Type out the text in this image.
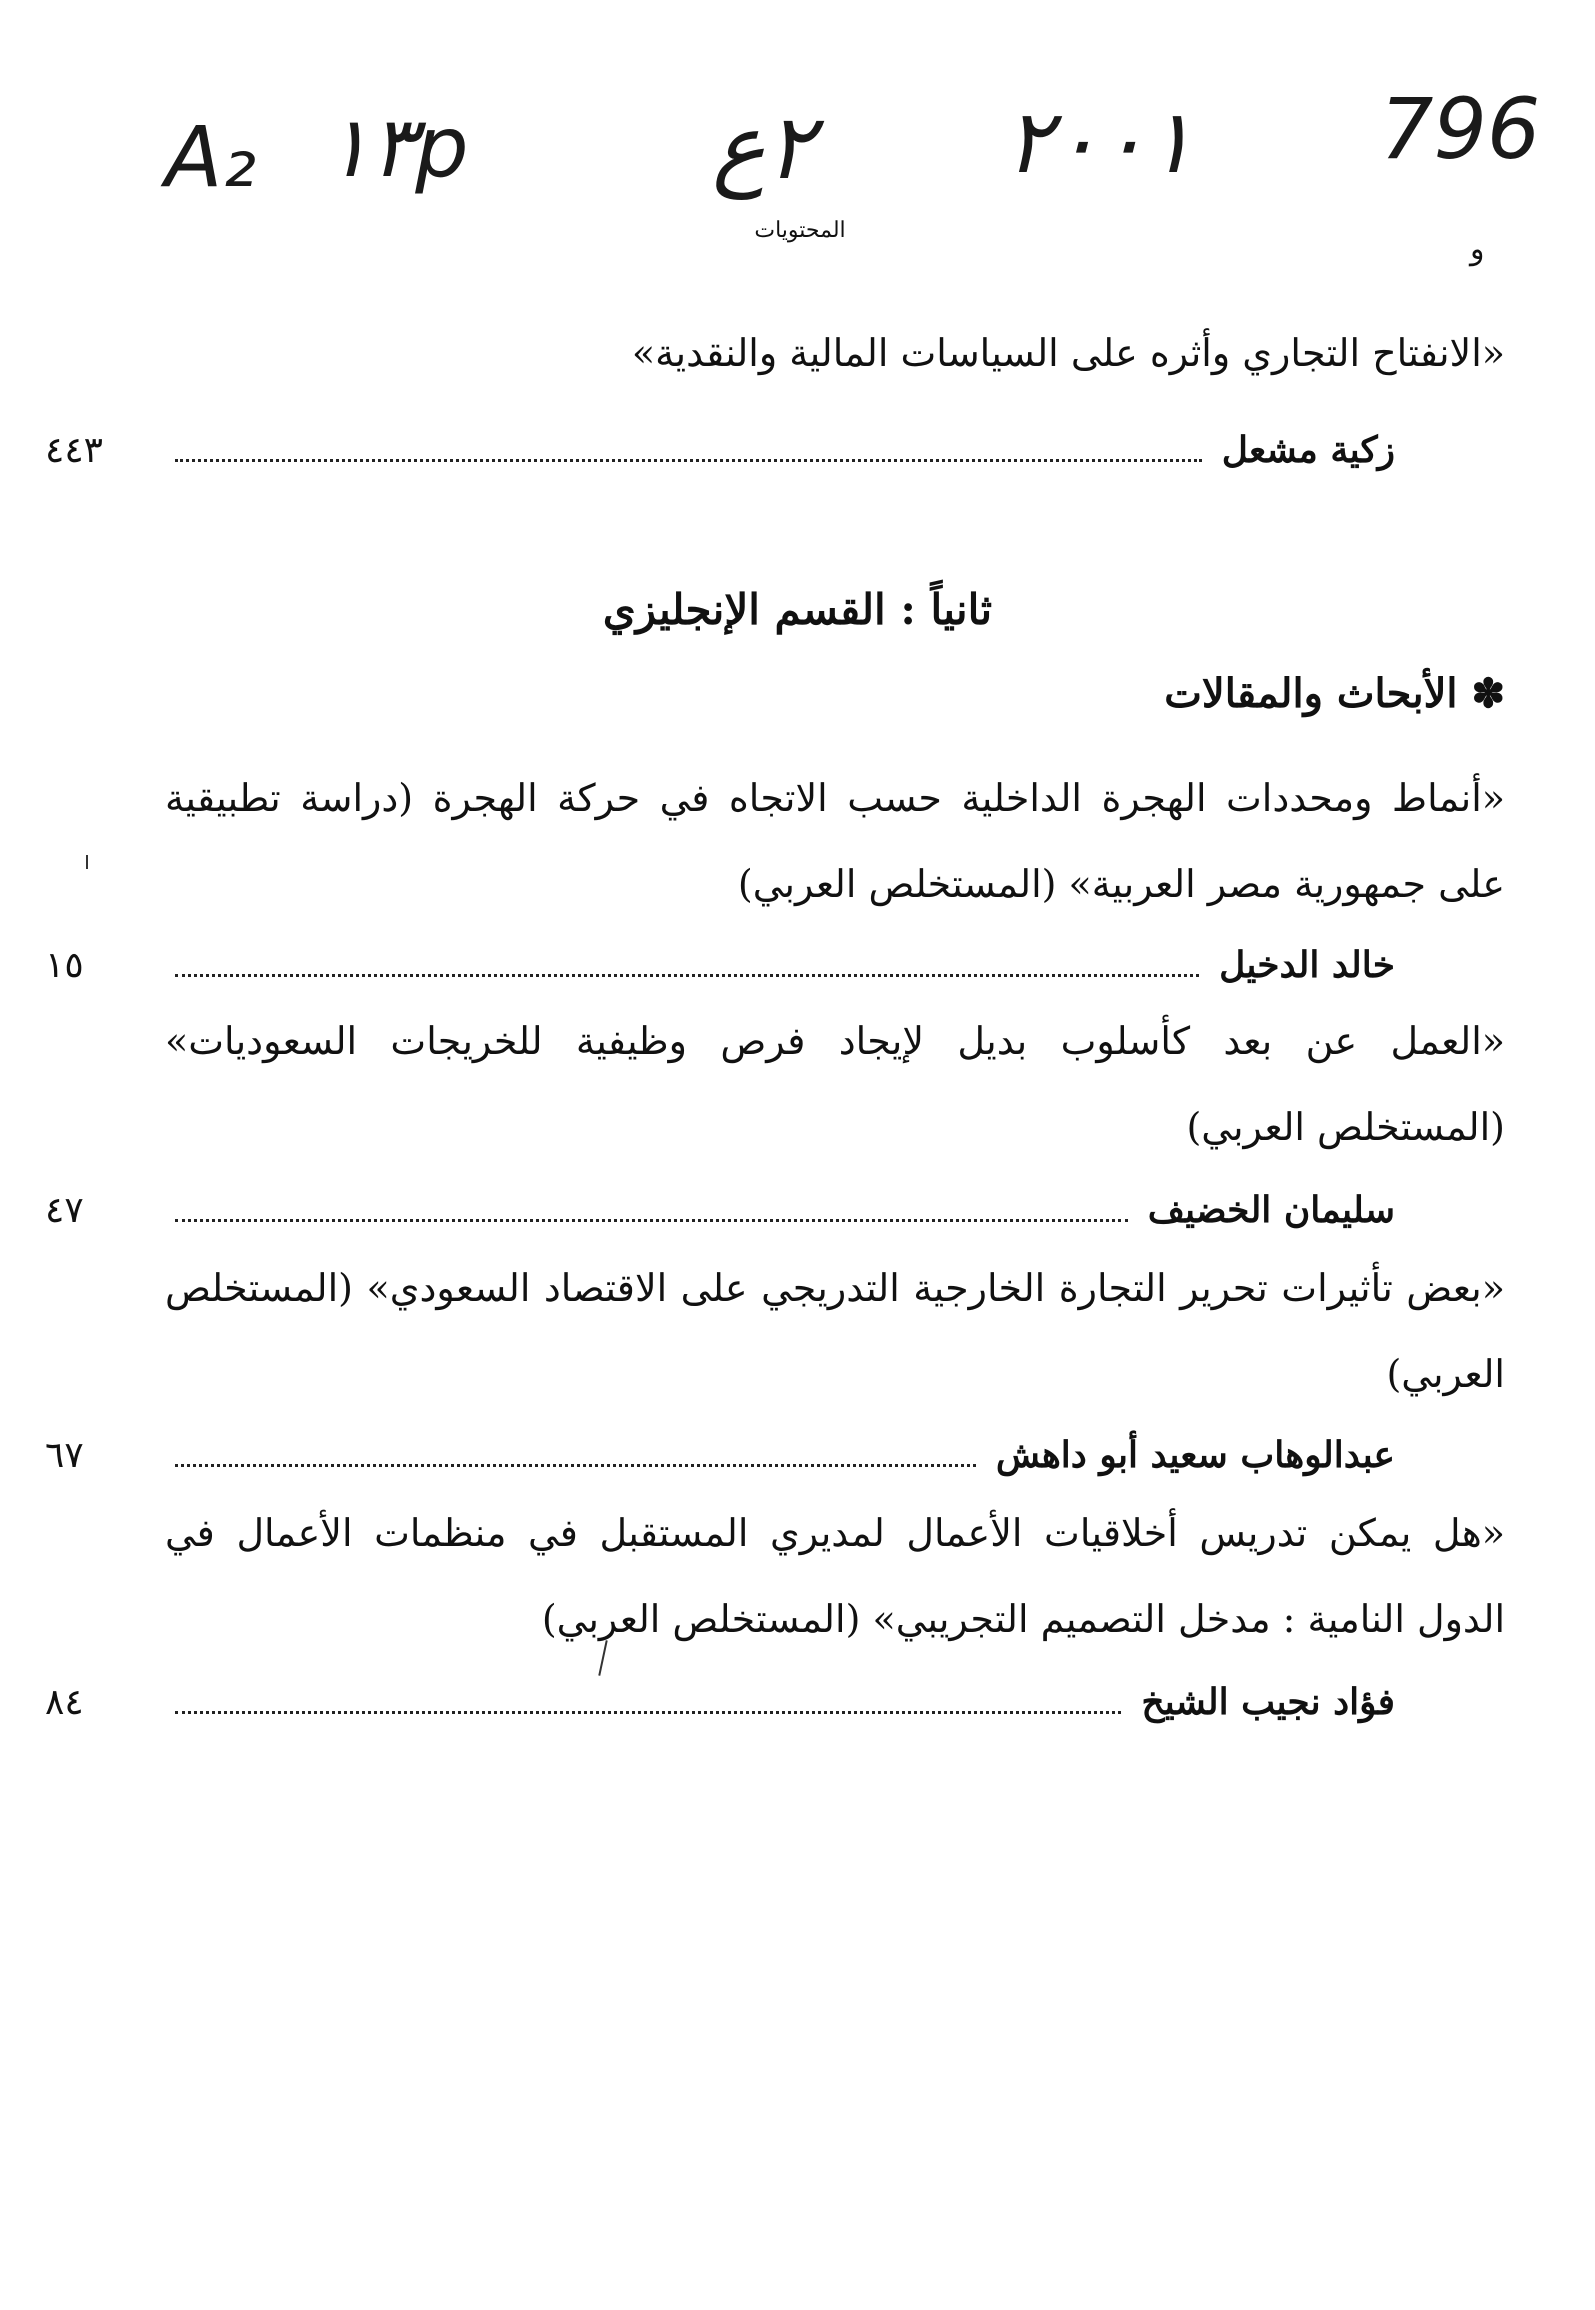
A₂ ١٣p	٢ع ٢٠٠١ 796
المحتويات
و
«الانفتاح التجاري وأثره على السياسات المالية والنقدية»
٤٤٣	زكية مشعل
ثانياً : القسم الإنجليزي
✽ الأبحاث والمقالات
«أنماط ومحددات الهجرة الداخلية حسب الاتجاه في حركة الهجرة (دراسة تطبيقية على جمهورية مصر العربية» (المستخلص العربي)
١٥	خالد الدخيل
«العمل عن بعد كأسلوب بديل لإيجاد فرص وظيفية للخريجات السعوديات» (المستخلص العربي)
٤٧	سليمان الخضيف
«بعض تأثيرات تحرير التجارة الخارجية التدريجي على الاقتصاد السعودي» (المستخلص العربي)
٦٧	عبدالوهاب سعيد أبو داهش
«هل يمكن تدريس أخلاقيات الأعمال لمديري المستقبل في منظمات الأعمال في الدول النامية : مدخل التصميم التجريبي» (المستخلص العربي)
٨٤	فؤاد نجيب الشيخ
